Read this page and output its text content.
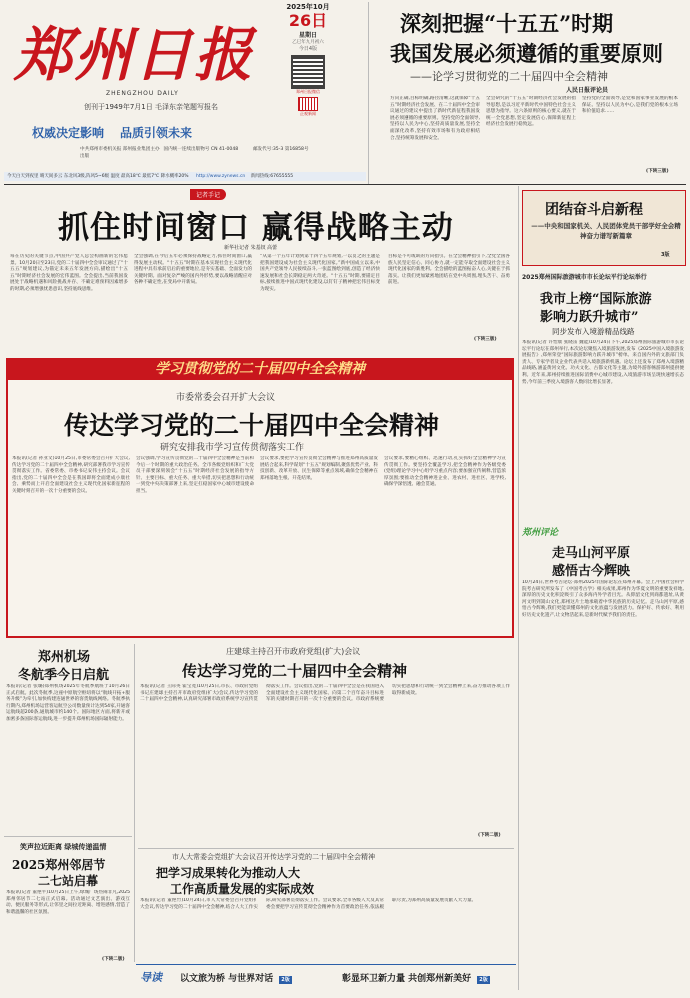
郑州日报
ZHENGZHOU DAILY
创刊于1949年7月1日 毛泽东亲笔题写报名
权威决定影响 品质引领未来
2025年10月
26日
星期日
乙巳年九月初六
今日4版
郑州日报微信
正观新闻
中共郑州市委机关报 郑州报业集团主办出版 国内统一连续出版物号 CN 41-0048	邮发代号:35-3 第16858号
今天白天到夜里 晴天间多云 东北风3级,阵风5~6级 温度 最高18℃ 最低7℃ 降水概率20% http://www.zynews.cn 新闻热线:67655555
深刻把握“十五五”时期
我国发展必须遵循的重要原则
——论学习贯彻党的二十届四中全会精神
人民日报评论员
方向正确,目标明确,路径清晰,这就保障“十五五”时期经济社会发展、在二十届四中全会审议通过的建议中提出了新时代新征程我国发展必须遵循的重要原则。坚持党的全面领导,坚持以人民为中心,坚持高质量发展,坚持全面深化改革,坚持有效市场和有为政府相结合,坚持统筹发展和安全。
全会研究的“十五五”时期经济社会发展的指导思想,是以习近平新时代中国特色社会主义思想为指导。这六条原则的核心要义,就在于统一全党思想,坚定发展信心,保障新征程上经济社会发展行稳致远。
坚持党的全面领导,是党和国家事业发展的根本保证。坚持以人民为中心,是我们党的根本立场和价值追求……
(下转三版)
记者手记
抓住时间窗口 赢得战略主动
新华社记者 朱基钗 高蕾
每在历史的关键节点,中国共产党人总会构画新的宏伟愿景。10月20日至23日,党的二十届四中全会审议通过了“十五五”规划建议,为锚定未来五年发展方向,描绘出“十五五”时期经济社会发展的宏伟蓝图。全会提出,当前我国发展处于战略机遇和风险挑战并存、不确定难预料因素增多的时期,必须增强忧患意识,坚持底线思维。
全会强调,在今后五年必须保持战略定力,抓住时间窗口,赢得发展主动权。“十五五”时期在基本实现社会主义现代化进程中具有承前启后的重要地位,是夯实基础、全面发力的关键时期。面对复杂严峻的国内外形势,要以战略清醒应对各种不确定性,在变局中开新局。
“从第一个五年计划到第十四个五年规划,一以贯之的主题是把我国建设成为社会主义现代化国家。”新中国成立以来,中国共产党领导人民接续奋斗,一张蓝图绘到底,创造了经济快速发展和社会长期稳定两大奇迹。“十五五”时期,要锚定目标,接续推进中国式现代化建设,以钉钉子精神把宏伟目标变为现实。
目标是不可或缺的方向指引。在全会精神指引下,全党全国各族人民坚定信心、同心协力,就一定能夺取全面建设社会主义现代化国家的新胜利。全会描绘的蓝图振奋人心,关键在于抓落实。让我们更加紧密地团结在党中央周围,埋头苦干、奋勇前进。
(下转三版)
团结奋斗启新程
——中央和国家机关、人民团体党员干部学好全会精神奋力谱写新篇章
3版
2025郑州国际旅游城市市长论坛平行论坛举行
我市上榜“国际旅游
影响力跃升城市”
同步发布入境游精品线路
本报讯(记者 许怡康 张晓雷 魏能)10月24日下午,2025郑州国际旅游城市市长论坛平行论坛在郑州举行,本次论坛聚焦入境旅游发展,发布《2025中国入境旅游发展报告》,郑州荣登“国际旅游影响力跃升城市”榜单。来自国内外的文旅部门负责人、专家学者及企业代表共话入境旅游新机遇。论坛上还发布了郑州入境游精品线路,涵盖黄河文化、功夫文化、古都文化等主题,为境外游客畅游郑州提供便利。近年来,郑州持续推进国际消费中心城市建设,入境旅游市场呈现快速增长态势,今年前三季度入境游客人数同比增长显著。
郑州评论
走马山河平原
感悟古今辉映
10月24日,世界考古论坛·郑州2025年国际论坛在郑州开幕。会上,中国社会科学院考古研究所发布了《中国考古学》相关成果,郑州作为华夏文明的重要发祥地,深厚的历史文化积淀吸引了众多海内外学者目光。从仰韶文化到商都遗址,从黄河文明到嵩山文化,郑州这片土地承载着中华民族的历史记忆。走马山河平原,感悟古今辉映,我们更能读懂郑州的文化底蕴与发展活力。保护好、传承好、利用好历史文化遗产,让文物活起来,是新时代赋予我们的责任。
学习贯彻党的二十届四中全会精神
市委常委会召开扩大会议
传达学习党的二十届四中全会精神
研究安排我市学习宣传贯彻落实工作
本报讯(记者 孙亚文)10月25日,市委常委会召开扩大会议,传达学习党的二十届四中全会精神,研究部署我市学习宣传贯彻落实工作。省委常委、市委书记安伟主持会议。会议指出,党的二十届四中全会是在我国即将全面建成小康社会、乘势而上开启全面建设社会主义现代化国家新征程的关键时刻召开的一次十分重要的会议。
会议强调,学习宣传贯彻党的二十届四中全会精神是当前和今后一个时期的重大政治任务。全市各级党组织和广大党员干部要深刻领会“十五五”时期经济社会发展的指导方针、主要目标、重大任务、重大举措,切实把思想和行动统一到党中央决策部署上来,坚定扛稳国家中心城市建设使命担当。
会议要求,要把学习宣传贯彻全会精神与推进郑州高质量发展结合起来,科学谋划“十五五”规划编制,聚焦优势产业、科技创新、改革开放、民生保障等重点领域,确保全会精神在郑州落地生根、开花结果。
会议要求,要精心组织、迅速行动,扎实抓好全会精神学习宣传贯彻工作。要坚持全覆盖学习,把全会精神作为各级党委(党组)理论学习中心组学习重点内容;要加强宣传阐释,营造浓厚氛围;要推动全会精神进企业、进农村、进社区、进学校,确保学深悟透、融会贯通。
郑州机场
冬航季今日启航
本报讯(记者 张璐)郑州机场2025年冬航季航班于10月26日正式启航。此次冬航季,这座中原航空枢纽将以“航线开拓+服务升级”为牵引,加快构建连通世界的客货航线网络。冬航季执行期内,郑州机场运营客运航空公司数量预计达到54家,开通客运航线超200条,通航城市约140个。国际地区方面,将新开或加密多条国际客运航线,进一步提升郑州机场国际辐射能力。
笑声拉近距离 绿城传递温情
2025郑州邻居节
二七站启幕
本报讯(记者 董艳平)10月25日上午,绿城广场热闹非凡,2025郑州邻居节二七站正式启幕。活动通过文艺演出、游戏互动、便民服务等形式,让邻里之间拉近距离、增进感情,营造了和谐温馨的社区氛围。
(下转二版)
庄建球主持召开市政府党组(扩大)会议
传达学习党的二十届四中全会精神
本报讯(记者 王际英 霍宝宽)10月25日,市长、市政府党组书记庄建球主持召开市政府党组(扩大)会议,传达学习党的二十届四中全会精神,认真研究部署市政府系统学习宣传贯彻落实工作。会议指出,党的二十届四中全会是在我国进入全面建设社会主义现代化国家、向第二个百年奋斗目标进军的关键时期召开的一次十分重要的会议。市政府系统要切实把思想和行动统一到全会精神上来,奋力推动各项工作取得新成效。
(下转二版)
市人大常委会党组扩大会议召开传达学习党的二十届四中全会精神
把学习成果转化为推动人大
工作高质量发展的实际成效
本报讯(记者 董艳竹)10月24日,市人大常委会召开党组扩大会议,传达学习党的二十届四中全会精神,结合人大工作实际,研究部署贯彻落实工作。会议要求,全市各级人大及其常委会要把学习宣传贯彻全会精神作为首要政治任务,依法履职尽责,为郑州高质量发展贡献人大力量。
导读 以文旅为桥 与世界对话 2版	彰显环卫新力量 共创郑州新美好 2版
